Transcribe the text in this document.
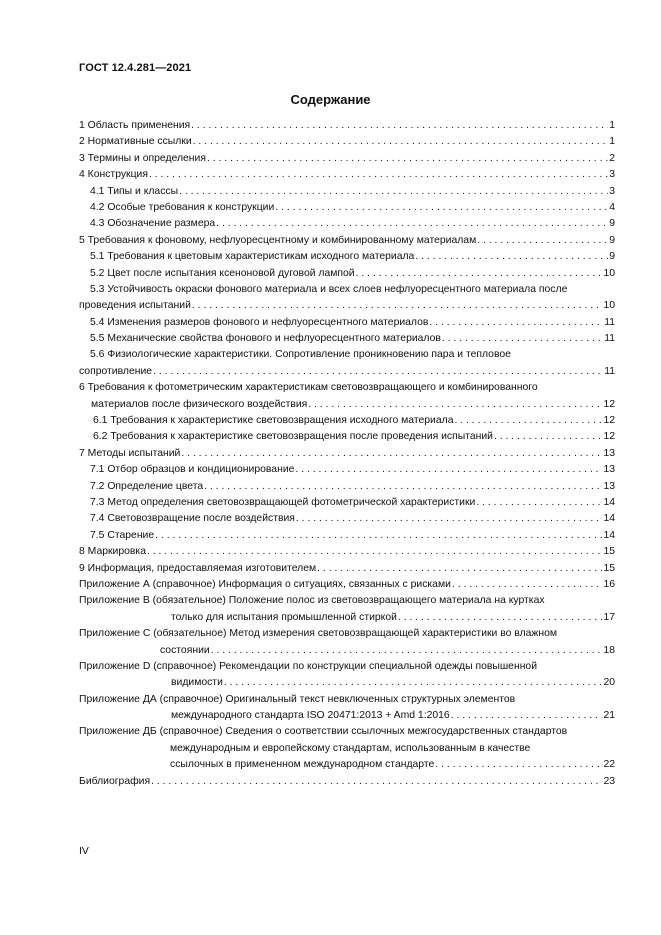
ГОСТ 12.4.281—2021
Содержание
1 Область применения . . .	1
2 Нормативные ссылки . . .	1
3 Термины и определения . . .	2
4 Конструкция . . .	3
4.1 Типы и классы . . .	3
4.2 Особые требования к конструкции . . .	4
4.3 Обозначение размера . . .	9
5 Требования к фоновому, нефлуоресцентному и комбинированному материалам . . .	9
5.1 Требования к цветовым характеристикам исходного материала . . .	9
5.2 Цвет после испытания ксеноновой дуговой лампой . . .	10
5.3 Устойчивость окраски фонового материала и всех слоев нефлуоресцентного материала после
проведения испытаний . . .	10
5.4 Изменения размеров фонового и нефлуоресцентного материалов . . .	11
5.5 Механические свойства фонового и нефлуоресцентного материалов . . .	11
5.6 Физиологические характеристики. Сопротивление проникновению пара и тепловое
сопротивление . . .	11
6 Требования к фотометрическим характеристикам световозвращающего и комбинированного
материалов после физического воздействия . . .	12
6.1 Требования к характеристике световозвращения исходного материала . . .	12
6.2 Требования к характеристике световозвращения после проведения испытаний . . .	12
7 Методы испытаний . . .	13
7.1 Отбор образцов и кондиционирование . . .	13
7.2 Определение цвета . . .	13
7.3 Метод определения световозвращающей фотометрической характеристики . . .	14
7.4 Световозвращение после воздействия . . .	14
7.5 Старение . . .	14
8 Маркировка . . .	15
9 Информация, предоставляемая изготовителем . . .	15
Приложение А (справочное) Информация о ситуациях, связанных с рисками . . .	16
Приложение В (обязательное) Положение полос из световозвращающего материала на куртках
только для испытания промышленной стиркой . . .	17
Приложение С (обязательное) Метод измерения световозвращающей характеристики во влажном
состоянии . . .	18
Приложение D (справочное) Рекомендации по конструкции специальной одежды повышенной
видимости . . .	20
Приложение ДА (справочное) Оригинальный текст невключенных структурных элементов
международного стандарта ISO 20471:2013 + Amd 1:2016 . . .	21
Приложение ДБ (справочное) Сведения о соответствии ссылочных межгосударственных стандартов
международным и европейскому стандартам, использованным в качестве
ссылочных в примененном международном стандарте . . .	22
Библиография . . .	23
IV
